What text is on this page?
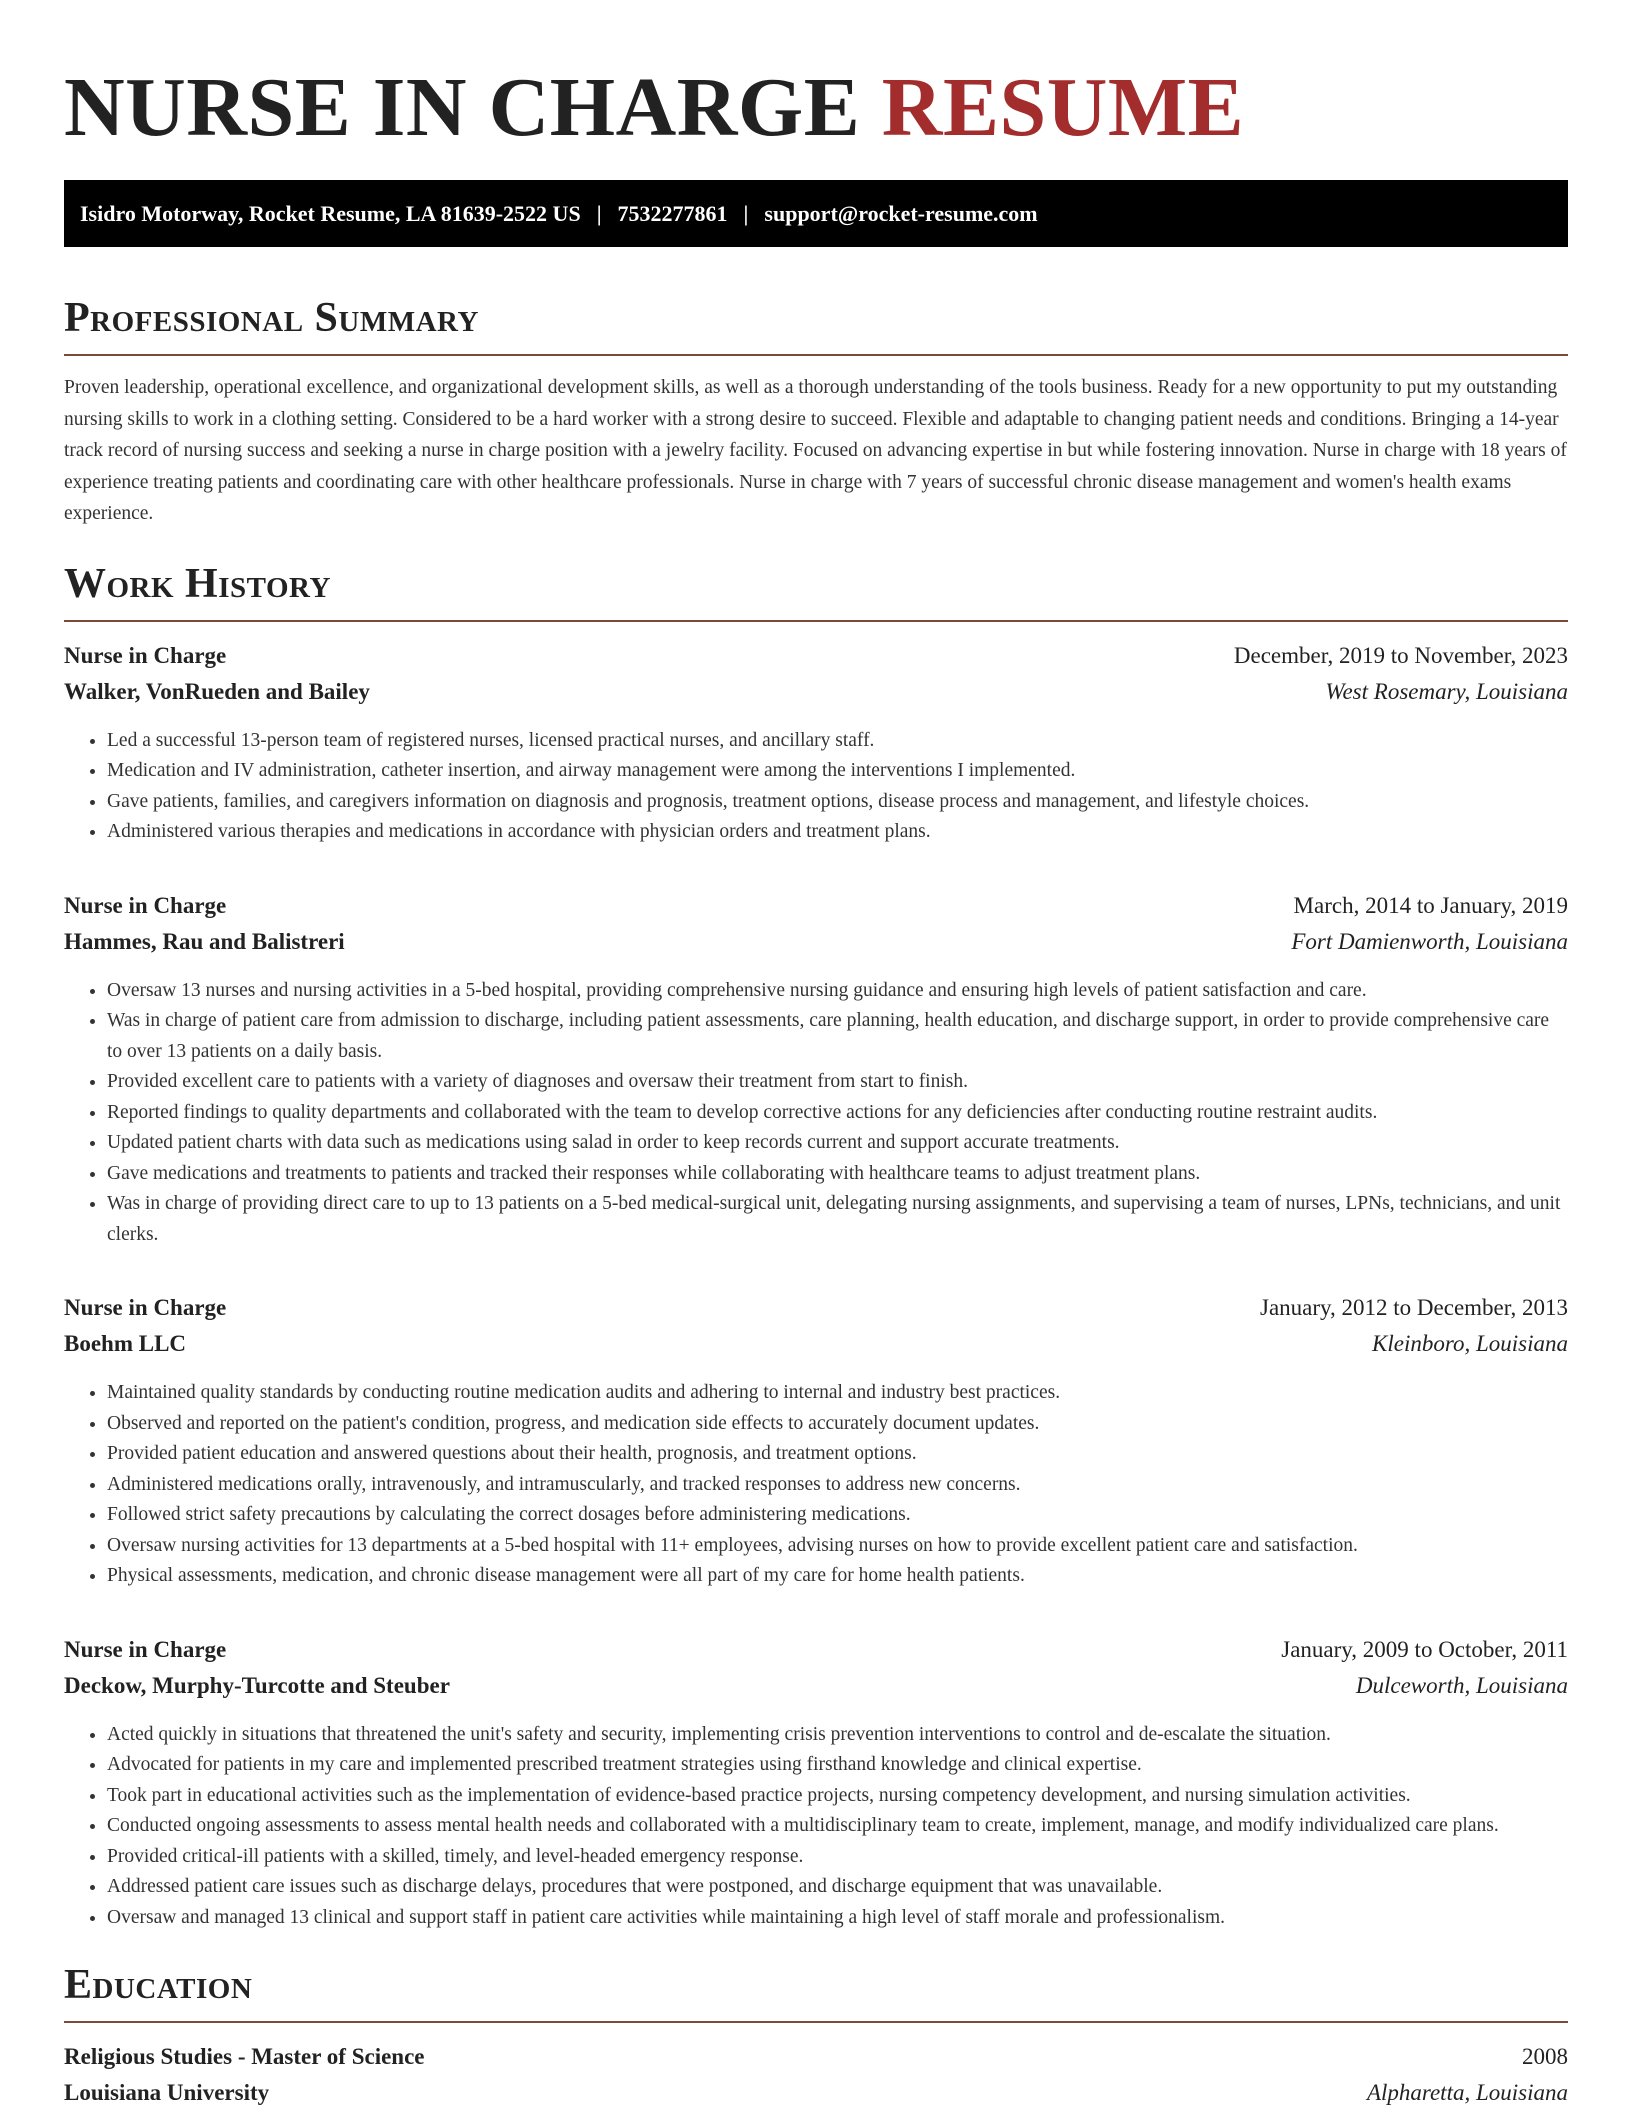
NURSE IN CHARGE RESUME
Isidro Motorway, Rocket Resume, LA 81639-2522 US | 7532277861 | support@rocket-resume.com
Professional Summary

Proven leadership, operational excellence, and organizational development skills, as well as a thorough understanding of the tools business. Ready for a new opportunity to put my outstanding nursing skills to work in a clothing setting. Considered to be a hard worker with a strong desire to succeed. Flexible and adaptable to changing patient needs and conditions. Bringing a 14-year track record of nursing success and seeking a nurse in charge position with a jewelry facility. Focused on advancing expertise in but while fostering innovation. Nurse in charge with 18 years of experience treating patients and coordinating care with other healthcare professionals. Nurse in charge with 7 years of successful chronic disease management and women's health exams experience.

Work History
Nurse in Charge	December, 2019 to November, 2023
Walker, VonRueden and Bailey	West Rosemary, Louisiana
• Led a successful 13-person team of registered nurses, licensed practical nurses, and ancillary staff.
• Medication and IV administration, catheter insertion, and airway management were among the interventions I implemented.
• Gave patients, families, and caregivers information on diagnosis and prognosis, treatment options, disease process and management, and lifestyle choices.
• Administered various therapies and medications in accordance with physician orders and treatment plans.
Nurse in Charge	March, 2014 to January, 2019
Hammes, Rau and Balistreri	Fort Damienworth, Louisiana
• Oversaw 13 nurses and nursing activities in a 5-bed hospital, providing comprehensive nursing guidance and ensuring high levels of patient satisfaction and care.
• Was in charge of patient care from admission to discharge, including patient assessments, care planning, health education, and discharge support, in order to provide comprehensive care to over 13 patients on a daily basis.
• Provided excellent care to patients with a variety of diagnoses and oversaw their treatment from start to finish.
• Reported findings to quality departments and collaborated with the team to develop corrective actions for any deficiencies after conducting routine restraint audits.
• Updated patient charts with data such as medications using salad in order to keep records current and support accurate treatments.
• Gave medications and treatments to patients and tracked their responses while collaborating with healthcare teams to adjust treatment plans.
• Was in charge of providing direct care to up to 13 patients on a 5-bed medical-surgical unit, delegating nursing assignments, and supervising a team of nurses, LPNs, technicians, and unit clerks.
Nurse in Charge	January, 2012 to December, 2013
Boehm LLC	Kleinboro, Louisiana
• Maintained quality standards by conducting routine medication audits and adhering to internal and industry best practices.
• Observed and reported on the patient's condition, progress, and medication side effects to accurately document updates.
• Provided patient education and answered questions about their health, prognosis, and treatment options.
• Administered medications orally, intravenously, and intramuscularly, and tracked responses to address new concerns.
• Followed strict safety precautions by calculating the correct dosages before administering medications.
• Oversaw nursing activities for 13 departments at a 5-bed hospital with 11+ employees, advising nurses on how to provide excellent patient care and satisfaction.
• Physical assessments, medication, and chronic disease management were all part of my care for home health patients.
Nurse in Charge	January, 2009 to October, 2011
Deckow, Murphy-Turcotte and Steuber	Dulceworth, Louisiana
• Acted quickly in situations that threatened the unit's safety and security, implementing crisis prevention interventions to control and de-escalate the situation.
• Advocated for patients in my care and implemented prescribed treatment strategies using firsthand knowledge and clinical expertise.
• Took part in educational activities such as the implementation of evidence-based practice projects, nursing competency development, and nursing simulation activities.
• Conducted ongoing assessments to assess mental health needs and collaborated with a multidisciplinary team to create, implement, manage, and modify individualized care plans.
• Provided critical-ill patients with a skilled, timely, and level-headed emergency response.
• Addressed patient care issues such as discharge delays, procedures that were postponed, and discharge equipment that was unavailable.
• Oversaw and managed 13 clinical and support staff in patient care activities while maintaining a high level of staff morale and professionalism.
Education
Religious Studies - Master of Science	2008
Louisiana University	Alpharetta, Louisiana
